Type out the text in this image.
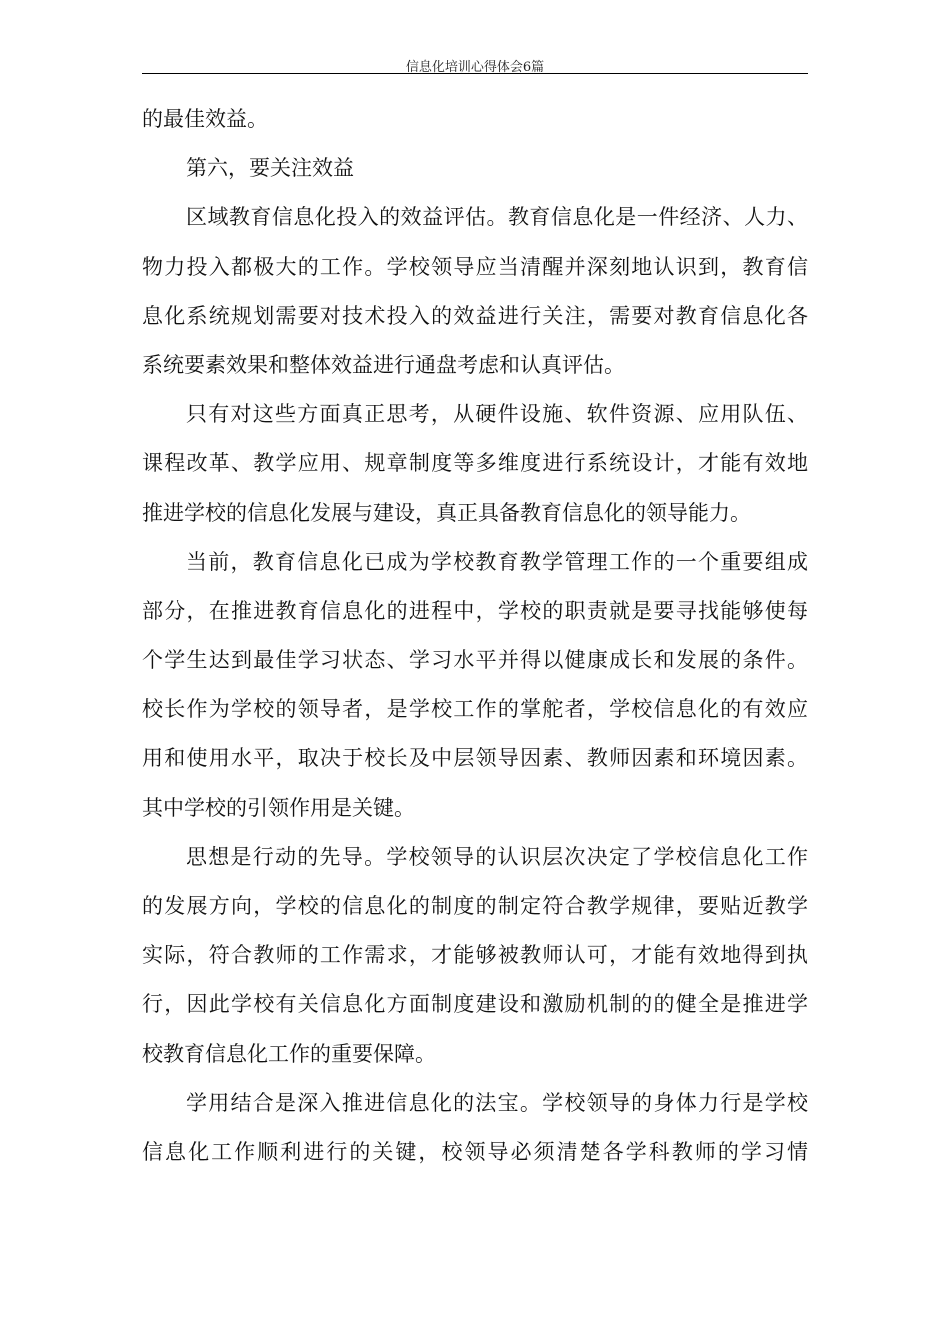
信息化培训心得体会6篇
的最佳效益。
第六，要关注效益
区域教育信息化投入的效益评估。教育信息化是一件经济、人力、
物力投入都极大的工作。学校领导应当清醒并深刻地认识到，教育信
息化系统规划需要对技术投入的效益进行关注，需要对教育信息化各
系统要素效果和整体效益进行通盘考虑和认真评估。
只有对这些方面真正思考，从硬件设施、软件资源、应用队伍、
课程改革、教学应用、规章制度等多维度进行系统设计，才能有效地
推进学校的信息化发展与建设，真正具备教育信息化的领导能力。
当前，教育信息化已成为学校教育教学管理工作的一个重要组成
部分，在推进教育信息化的进程中，学校的职责就是要寻找能够使每
个学生达到最佳学习状态、学习水平并得以健康成长和发展的条件。
校长作为学校的领导者，是学校工作的掌舵者，学校信息化的有效应
用和使用水平，取决于校长及中层领导因素、教师因素和环境因素。
其中学校的引领作用是关键。
思想是行动的先导。学校领导的认识层次决定了学校信息化工作
的发展方向，学校的信息化的制度的制定符合教学规律，要贴近教学
实际，符合教师的工作需求，才能够被教师认可，才能有效地得到执
行，因此学校有关信息化方面制度建设和激励机制的的健全是推进学
校教育信息化工作的重要保障。
学用结合是深入推进信息化的法宝。学校领导的身体力行是学校
信息化工作顺利进行的关键，校领导必须清楚各学科教师的学习情
